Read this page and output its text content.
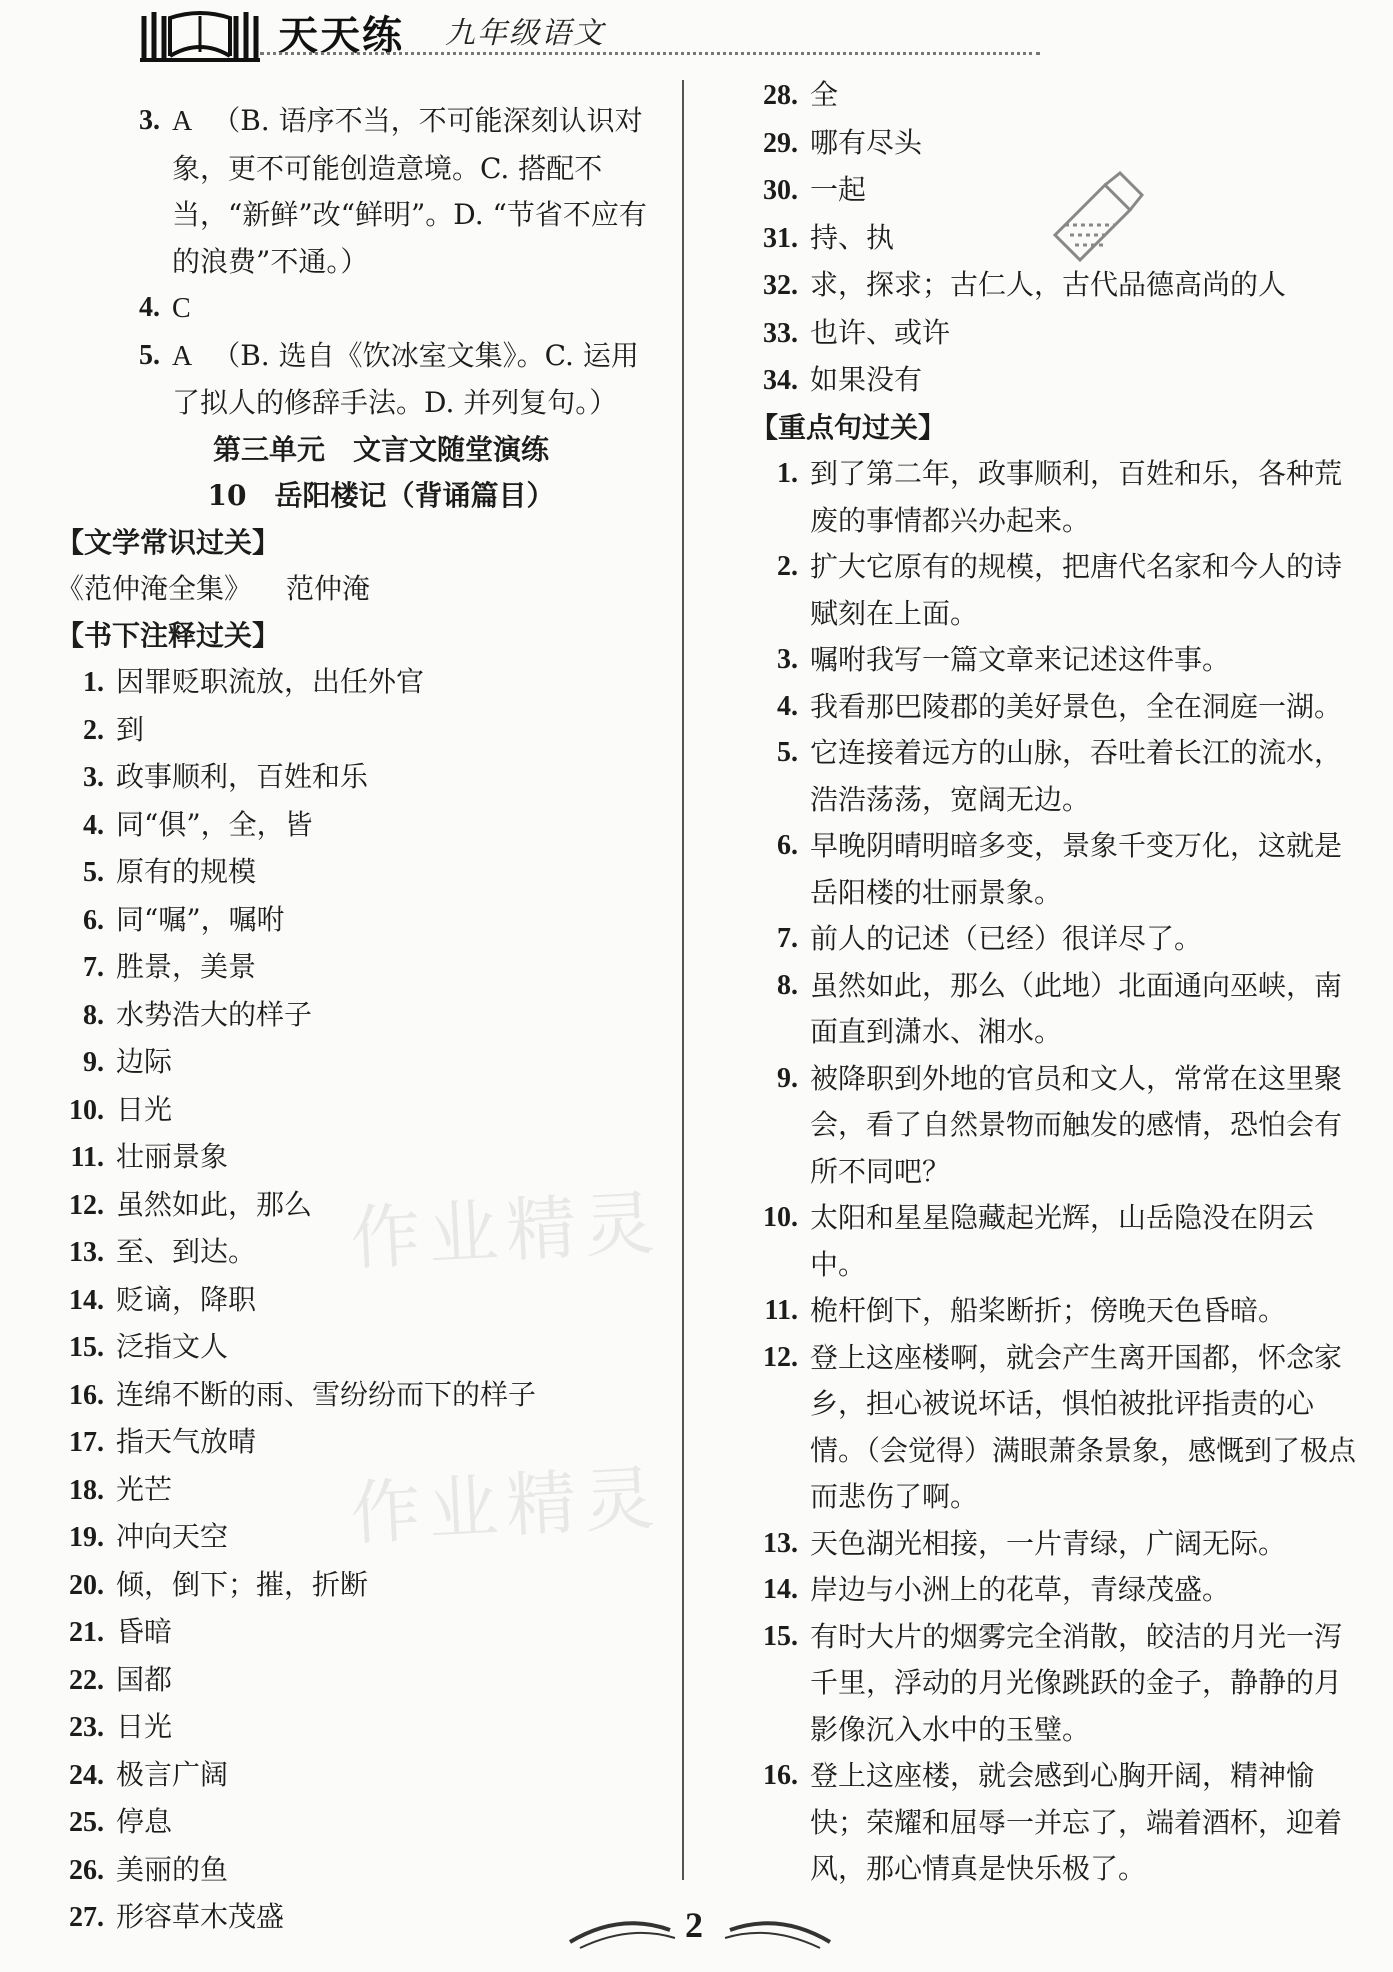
天天练 九年级语文
作业精灵
作业精灵
3. A （B. 语序不当，不可能深刻认识对象，更不可能创造意境。C. 搭配不当，“新鲜”改“鲜明”。D. “节省不应有的浪费”不通。）
4. C
5. A （B. 选自《饮冰室文集》。C. 运用了拟人的修辞手法。D. 并列复句。）
第三单元　文言文随堂演练
10　岳阳楼记（背诵篇目）
【文学常识过关】
《范仲淹全集》 范仲淹
【书下注释过关】
1. 因罪贬职流放，出任外官
2. 到
3. 政事顺利，百姓和乐
4. 同“俱”，全，皆
5. 原有的规模
6. 同“嘱”，嘱咐
7. 胜景，美景
8. 水势浩大的样子
9. 边际
10. 日光
11. 壮丽景象
12. 虽然如此，那么
13. 至、到达。
14. 贬谪，降职
15. 泛指文人
16. 连绵不断的雨、雪纷纷而下的样子
17. 指天气放晴
18. 光芒
19. 冲向天空
20. 倾，倒下；摧，折断
21. 昏暗
22. 国都
23. 日光
24. 极言广阔
25. 停息
26. 美丽的鱼
27. 形容草木茂盛
28. 全
29. 哪有尽头
30. 一起
31. 持、执
32. 求，探求；古仁人，古代品德高尚的人
33. 也许、或许
34. 如果没有
【重点句过关】
1. 到了第二年，政事顺利，百姓和乐，各种荒废的事情都兴办起来。
2. 扩大它原有的规模，把唐代名家和今人的诗赋刻在上面。
3. 嘱咐我写一篇文章来记述这件事。
4. 我看那巴陵郡的美好景色，全在洞庭一湖。
5. 它连接着远方的山脉，吞吐着长江的流水，浩浩荡荡，宽阔无边。
6. 早晚阴晴明暗多变，景象千变万化，这就是岳阳楼的壮丽景象。
7. 前人的记述（已经）很详尽了。
8. 虽然如此，那么（此地）北面通向巫峡，南面直到潇水、湘水。
9. 被降职到外地的官员和文人，常常在这里聚会，看了自然景物而触发的感情，恐怕会有所不同吧？
10. 太阳和星星隐藏起光辉，山岳隐没在阴云中。
11. 桅杆倒下，船桨断折；傍晚天色昏暗。
12. 登上这座楼啊，就会产生离开国都，怀念家乡，担心被说坏话，惧怕被批评指责的心情。（会觉得）满眼萧条景象，感慨到了极点而悲伤了啊。
13. 天色湖光相接，一片青绿，广阔无际。
14. 岸边与小洲上的花草，青绿茂盛。
15. 有时大片的烟雾完全消散，皎洁的月光一泻千里，浮动的月光像跳跃的金子，静静的月影像沉入水中的玉璧。
16. 登上这座楼，就会感到心胸开阔，精神愉快；荣耀和屈辱一并忘了，端着酒杯，迎着风，那心情真是快乐极了。
2
